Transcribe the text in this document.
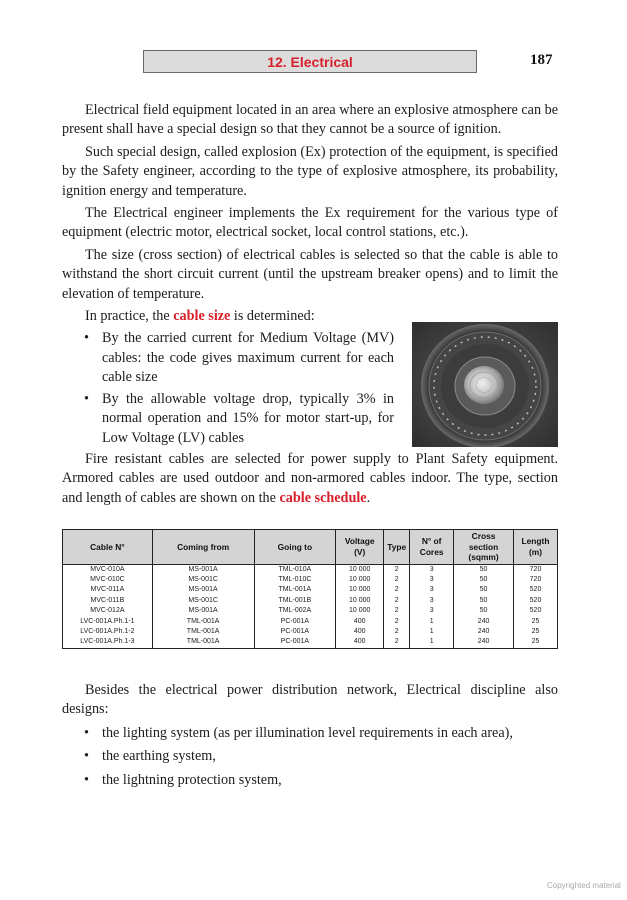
12. Electrical	187

Electrical field equipment located in an area where an explosive atmosphere can be present shall have a special design so that they cannot be a source of ignition.

Such special design, called explosion (Ex) protection of the equipment, is specified by the Safety engineer, according to the type of explosive atmosphere, its probability, ignition energy and temperature.

The Electrical engineer implements the Ex requirement for the various type of equipment (electric motor, electrical socket, local control stations, etc.).

The size (cross section) of electrical cables is selected so that the cable is able to withstand the short circuit current (until the upstream breaker opens) and to limit the elevation of temperature.

In practice, the cable size is determined:

• By the carried current for Medium Voltage (MV) cables: the code gives maximum current for each cable size
• By the allowable voltage drop, typically 3% in normal operation and 15% for motor start-up, for Low Voltage (LV) cables

Fire resistant cables are selected for power supply to Plant Safety equipment. Armored cables are used outdoor and non-armored cables indoor. The type, section and length of cables are shown on the cable schedule.

Cable N°	Coming from	Going to	Voltage (V)	Type	N° of Cores	Cross section (sqmm)	Length (m)
MVC-010A	MS-001A	TML-010A	10 000	2	3	50	720
MVC-010C	MS-001C	TML-010C	10 000	2	3	50	720
MVC-011A	MS-001A	TML-001A	10 000	2	3	50	520
MVC-011B	MS-001C	TML-001B	10 000	2	3	50	520
MVC-012A	MS-001A	TML-002A	10 000	2	3	50	520
LVC-001A.Ph.1-1	TML-001A	PC-001A	400	2	1	240	25
LVC-001A.Ph.1-2	TML-001A	PC-001A	400	2	1	240	25
LVC-001A.Ph.1-3	TML-001A	PC-001A	400	2	1	240	25

Besides the electrical power distribution network, Electrical discipline also designs:

• the lighting system (as per illumination level requirements in each area),
• the earthing system,
• the lightning protection system,
Copyrighted material
